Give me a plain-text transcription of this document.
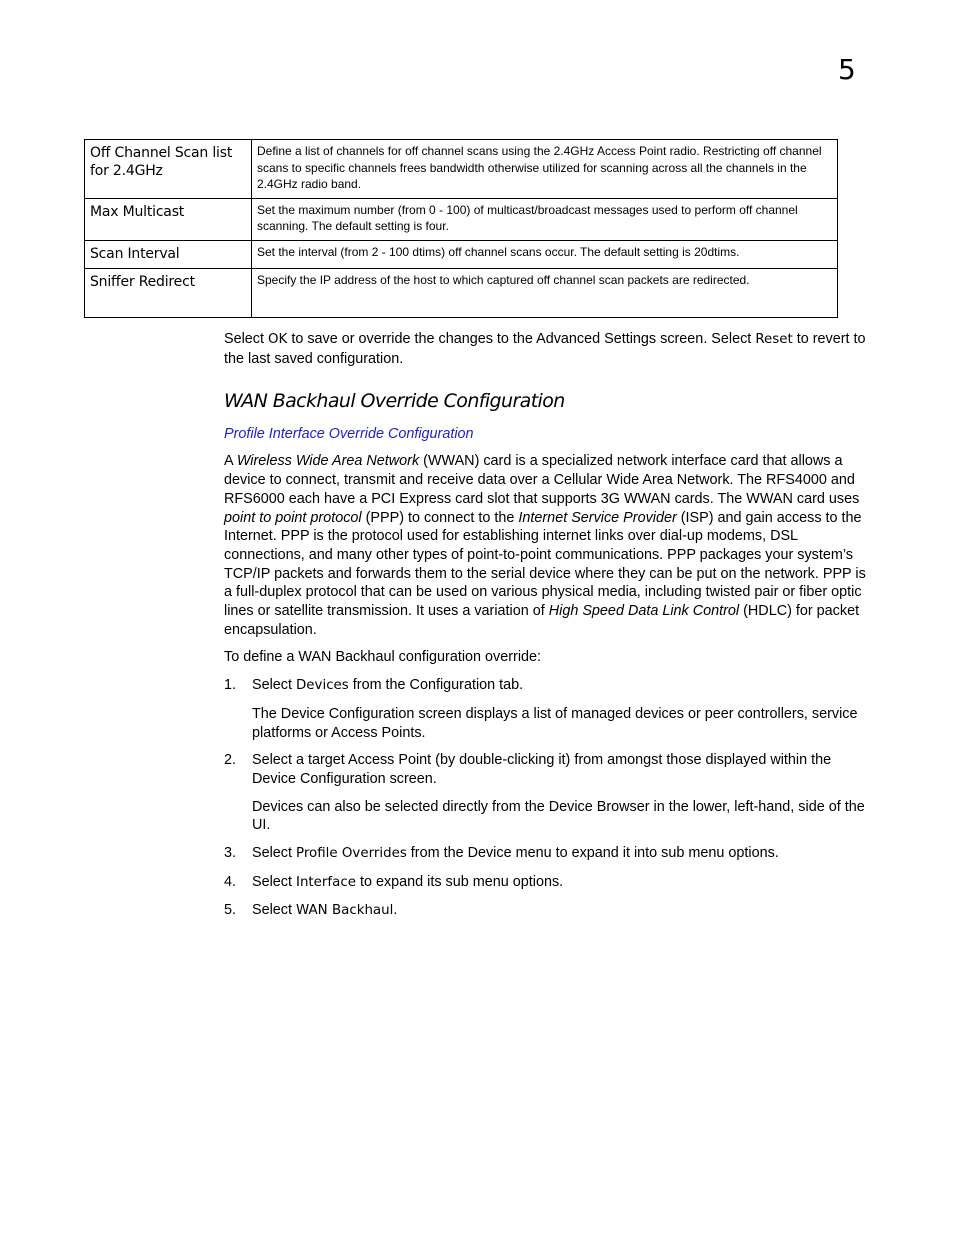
5
Off Channel Scan list for 2.4GHz	Define a list of channels for off channel scans using the 2.4GHz Access Point radio. Restricting off channel scans to specific channels frees bandwidth otherwise utilized for scanning across all the channels in the 2.4GHz radio band.
Max Multicast	Set the maximum number (from 0 - 100) of multicast/broadcast messages used to perform off channel scanning. The default setting is four.
Scan Interval	Set the interval (from 2 - 100 dtims) off channel scans occur. The default setting is 20dtims.
Sniffer Redirect	Specify the IP address of the host to which captured off channel scan packets are redirected.

Select OK to save or override the changes to the Advanced Settings screen. Select Reset to revert to the last saved configuration.

WAN Backhaul Override Configuration
Profile Interface Override Configuration

A Wireless Wide Area Network (WWAN) card is a specialized network interface card that allows a device to connect, transmit and receive data over a Cellular Wide Area Network. The RFS4000 and RFS6000 each have a PCI Express card slot that supports 3G WWAN cards. The WWAN card uses point to point protocol (PPP) to connect to the Internet Service Provider (ISP) and gain access to the Internet. PPP is the protocol used for establishing internet links over dial-up modems, DSL connections, and many other types of point-to-point communications. PPP packages your system’s TCP/IP packets and forwards them to the serial device where they can be put on the network. PPP is a full-duplex protocol that can be used on various physical media, including twisted pair or fiber optic lines or satellite transmission. It uses a variation of High Speed Data Link Control (HDLC) for packet encapsulation.

To define a WAN Backhaul configuration override:

1. Select Devices from the Configuration tab.

The Device Configuration screen displays a list of managed devices or peer controllers, service platforms or Access Points.

2. Select a target Access Point (by double-clicking it) from amongst those displayed within the Device Configuration screen.

Devices can also be selected directly from the Device Browser in the lower, left-hand, side of the UI.

3. Select Profile Overrides from the Device menu to expand it into sub menu options.

4. Select Interface to expand its sub menu options.

5. Select WAN Backhaul.
